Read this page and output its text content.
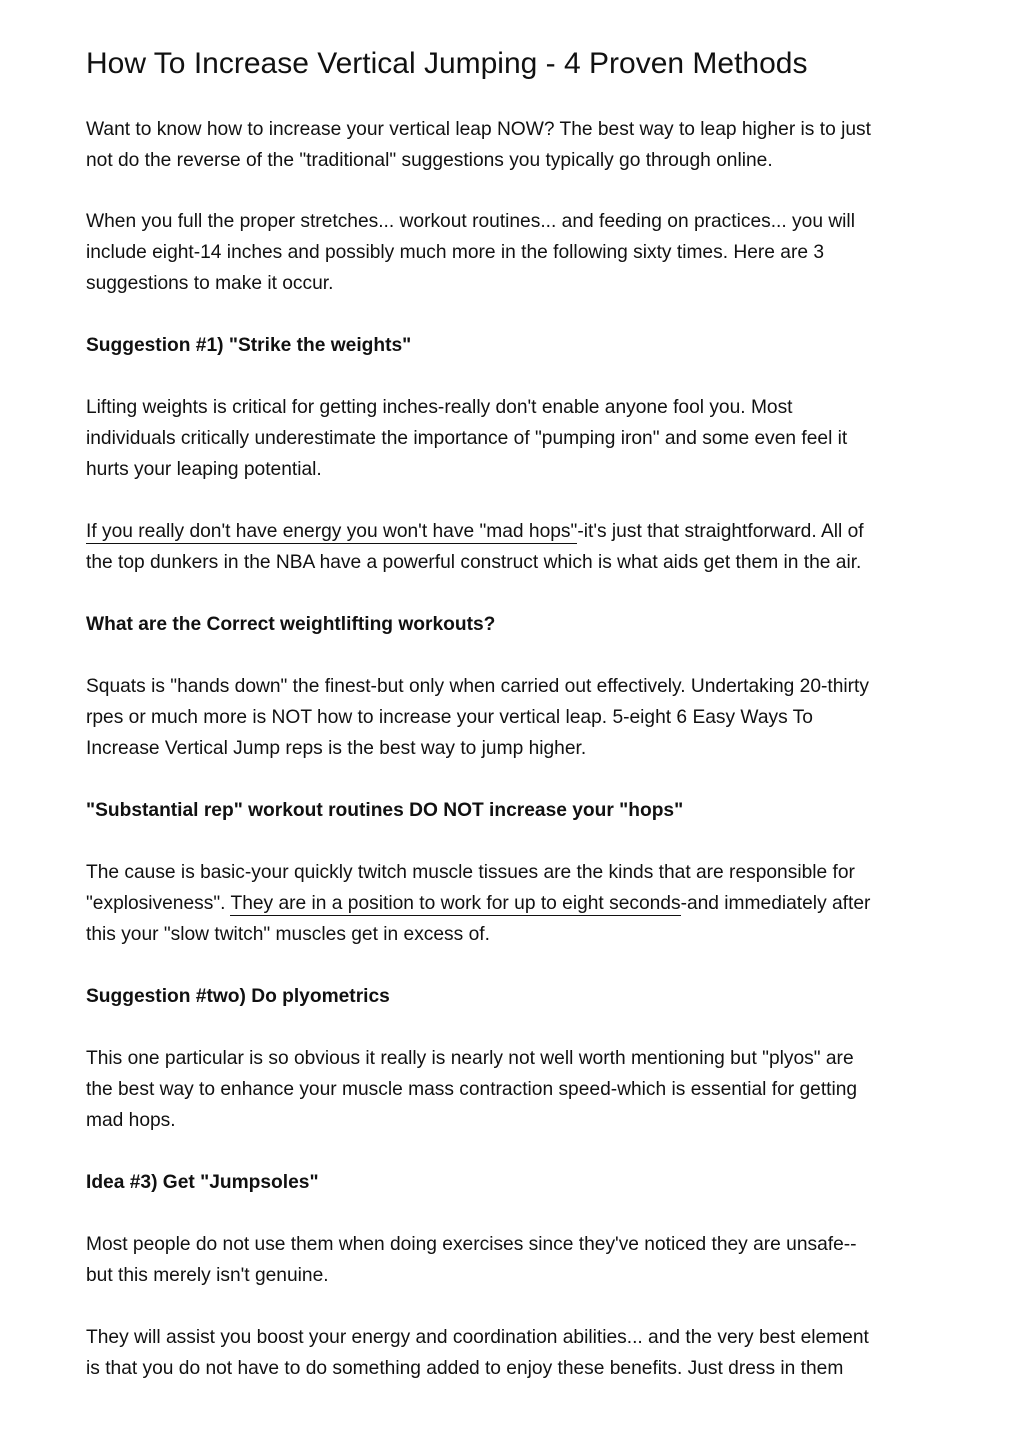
How To Increase Vertical Jumping - 4 Proven Methods

Want to know how to increase your vertical leap NOW? The best way to leap higher is to just
not do the reverse of the "traditional" suggestions you typically go through online.

When you full the proper stretches... workout routines... and feeding on practices... you will
include eight-14 inches and possibly much more in the following sixty times. Here are 3
suggestions to make it occur.

Suggestion #1) "Strike the weights"

Lifting weights is critical for getting inches-really don't enable anyone fool you. Most
individuals critically underestimate the importance of "pumping iron" and some even feel it
hurts your leaping potential.

If you really don't have energy you won't have "mad hops"-it's just that straightforward. All of
the top dunkers in the NBA have a powerful construct which is what aids get them in the air.

What are the Correct weightlifting workouts?

Squats is "hands down" the finest-but only when carried out effectively. Undertaking 20-thirty
rpes or much more is NOT how to increase your vertical leap. 5-eight 6 Easy Ways To
Increase Vertical Jump reps is the best way to jump higher.

"Substantial rep" workout routines DO NOT increase your "hops"

The cause is basic-your quickly twitch muscle tissues are the kinds that are responsible for
"explosiveness". They are in a position to work for up to eight seconds-and immediately after
this your "slow twitch" muscles get in excess of.

Suggestion #two) Do plyometrics

This one particular is so obvious it really is nearly not well worth mentioning but "plyos" are
the best way to enhance your muscle mass contraction speed-which is essential for getting
mad hops.

Idea #3) Get "Jumpsoles"

Most people do not use them when doing exercises since they've noticed they are unsafe--
but this merely isn't genuine.

They will assist you boost your energy and coordination abilities... and the very best element
is that you do not have to do something added to enjoy these benefits. Just dress in them
